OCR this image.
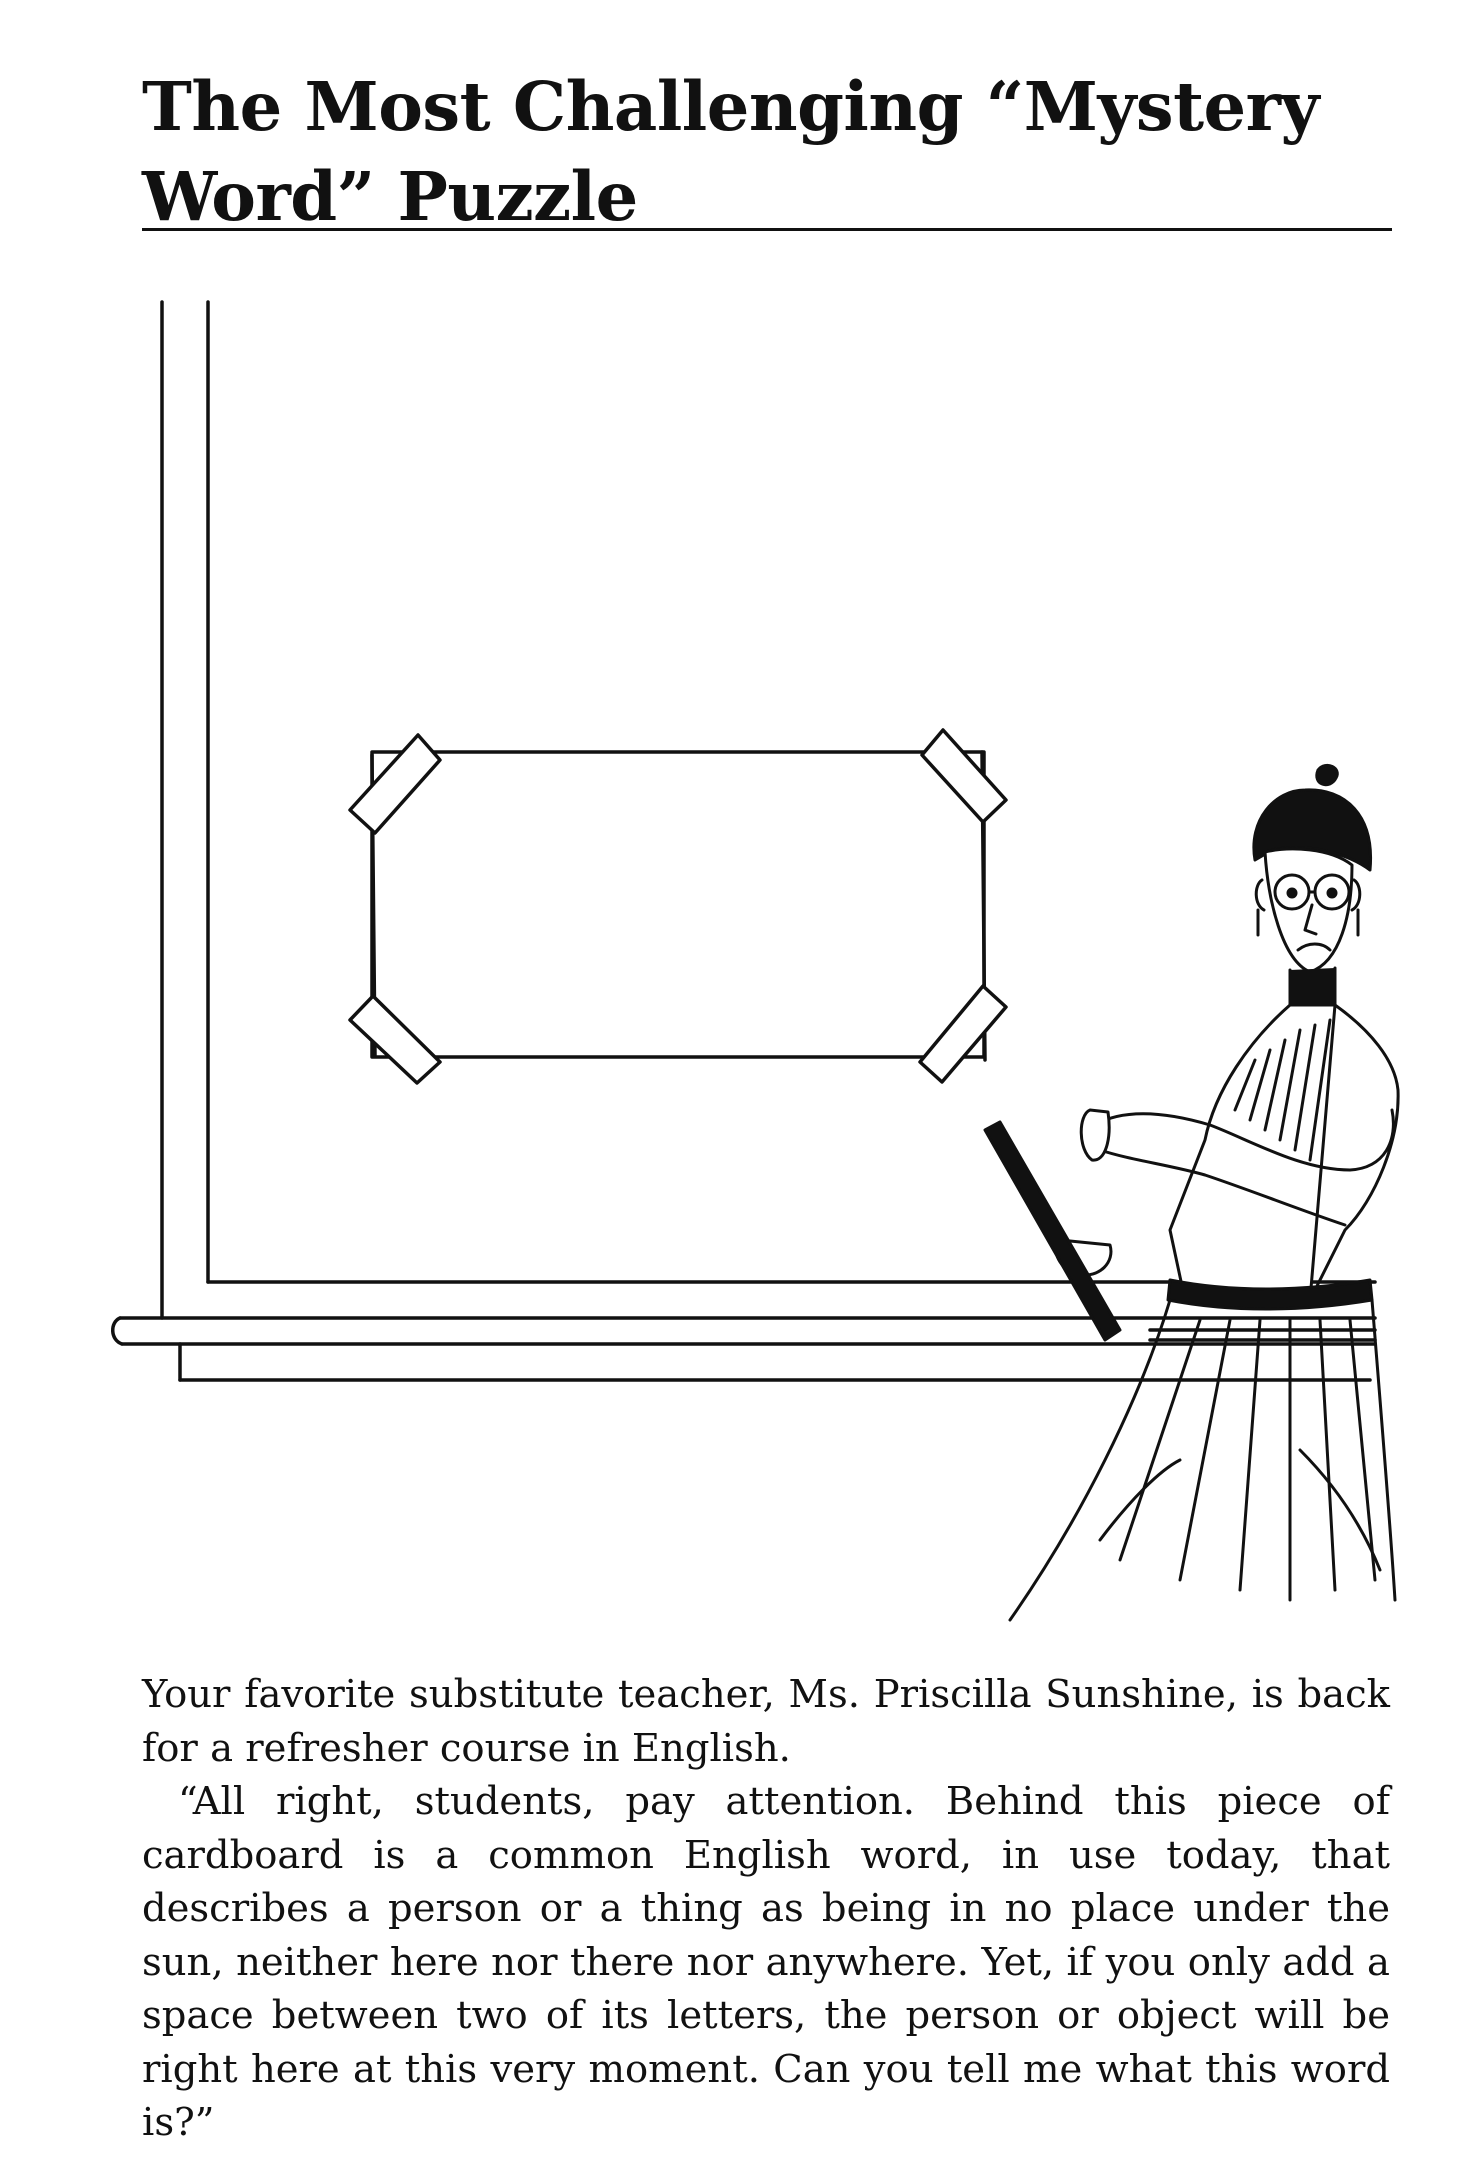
The Most Challenging “Mystery Word” Puzzle

Your favorite substitute teacher, Ms. Priscilla Sunshine, is back for a refresher course in English.

“All right, students, pay attention. Behind this piece of cardboard is a common English word, in use today, that describes a person or a thing as being in no place under the sun, neither here nor there nor anywhere. Yet, if you only add a space between two of its letters, the person or object will be right here at this very moment. Can you tell me what this word is?”
